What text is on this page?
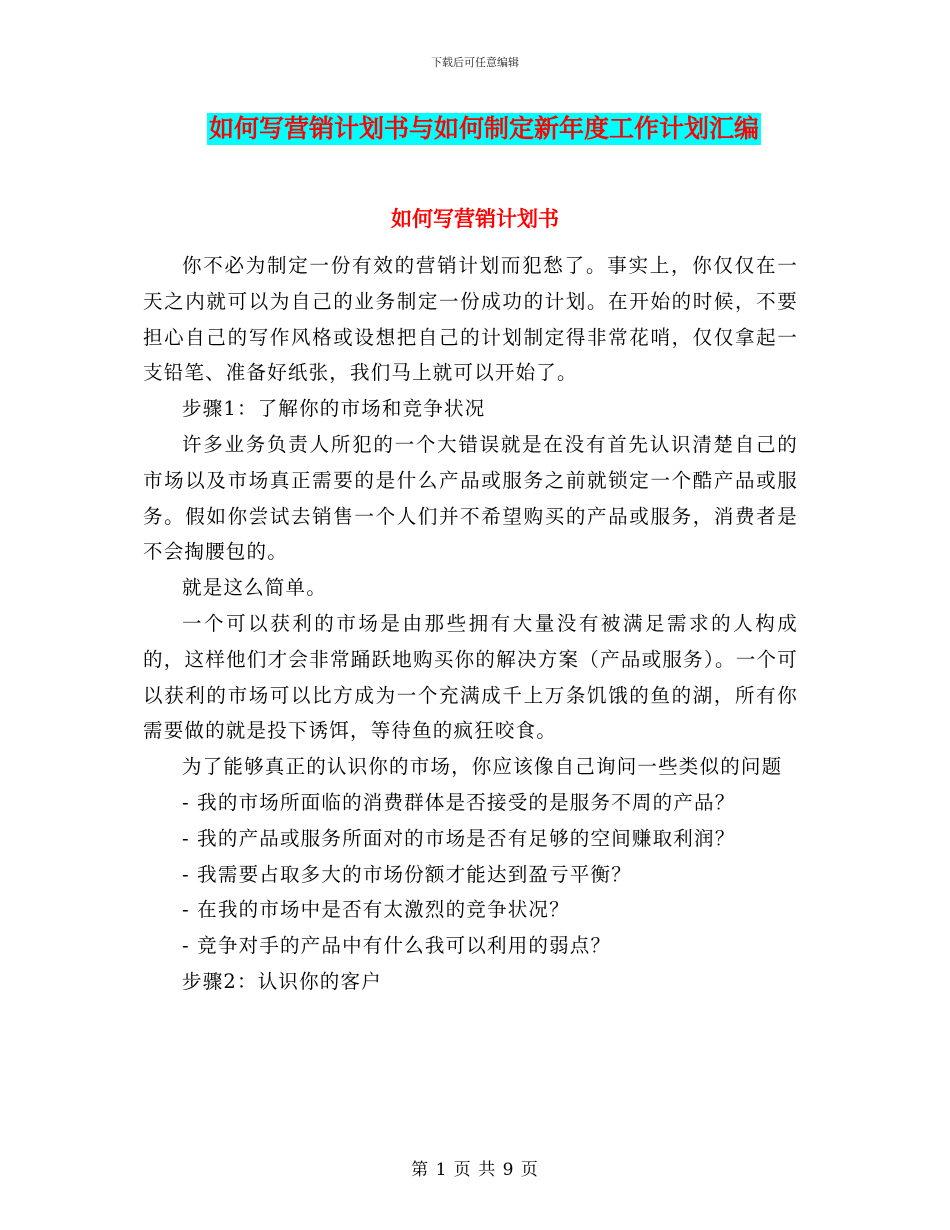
下载后可任意编辑
如何写营销计划书与如何制定新年度工作计划汇编
如何写营销计划书

你不必为制定一份有效的营销计划而犯愁了。事实上，你仅仅在一天之内就可以为自己的业务制定一份成功的计划。在开始的时候，不要担心自己的写作风格或设想把自己的计划制定得非常花哨，仅仅拿起一支铅笔、准备好纸张，我们马上就可以开始了。

步骤1：了解你的市场和竞争状况

许多业务负责人所犯的一个大错误就是在没有首先认识清楚自己的市场以及市场真正需要的是什么产品或服务之前就锁定一个酷产品或服务。假如你尝试去销售一个人们并不希望购买的产品或服务，消费者是不会掏腰包的。

就是这么简单。

一个可以获利的市场是由那些拥有大量没有被满足需求的人构成的，这样他们才会非常踊跃地购买你的解决方案（产品或服务）。一个可以获利的市场可以比方成为一个充满成千上万条饥饿的鱼的湖，所有你需要做的就是投下诱饵，等待鱼的疯狂咬食。

为了能够真正的认识你的市场，你应该像自己询问一些类似的问题

- 我的市场所面临的消费群体是否接受的是服务不周的产品？

- 我的产品或服务所面对的市场是否有足够的空间赚取利润？

- 我需要占取多大的市场份额才能达到盈亏平衡？

- 在我的市场中是否有太激烈的竞争状况？

- 竞争对手的产品中有什么我可以利用的弱点？

步骤2：认识你的客户

第 1 页 共 9 页
